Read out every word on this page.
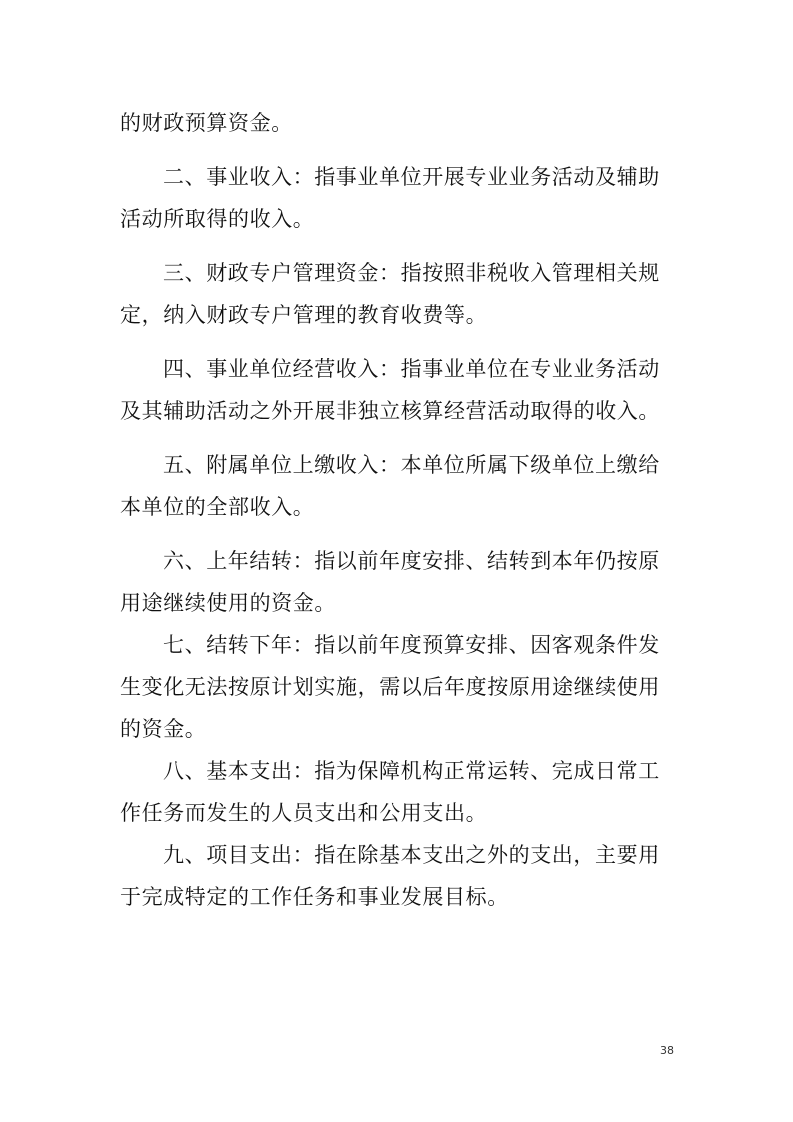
的财政预算资金。

二、事业收入：指事业单位开展专业业务活动及辅助活动所取得的收入。

三、财政专户管理资金：指按照非税收入管理相关规定，纳入财政专户管理的教育收费等。

四、事业单位经营收入：指事业单位在专业业务活动及其辅助活动之外开展非独立核算经营活动取得的收入。

五、附属单位上缴收入：本单位所属下级单位上缴给本单位的全部收入。

六、上年结转：指以前年度安排、结转到本年仍按原用途继续使用的资金。

七、结转下年：指以前年度预算安排、因客观条件发生变化无法按原计划实施，需以后年度按原用途继续使用的资金。

八、基本支出：指为保障机构正常运转、完成日常工作任务而发生的人员支出和公用支出。

九、项目支出：指在除基本支出之外的支出，主要用于完成特定的工作任务和事业发展目标。

38
